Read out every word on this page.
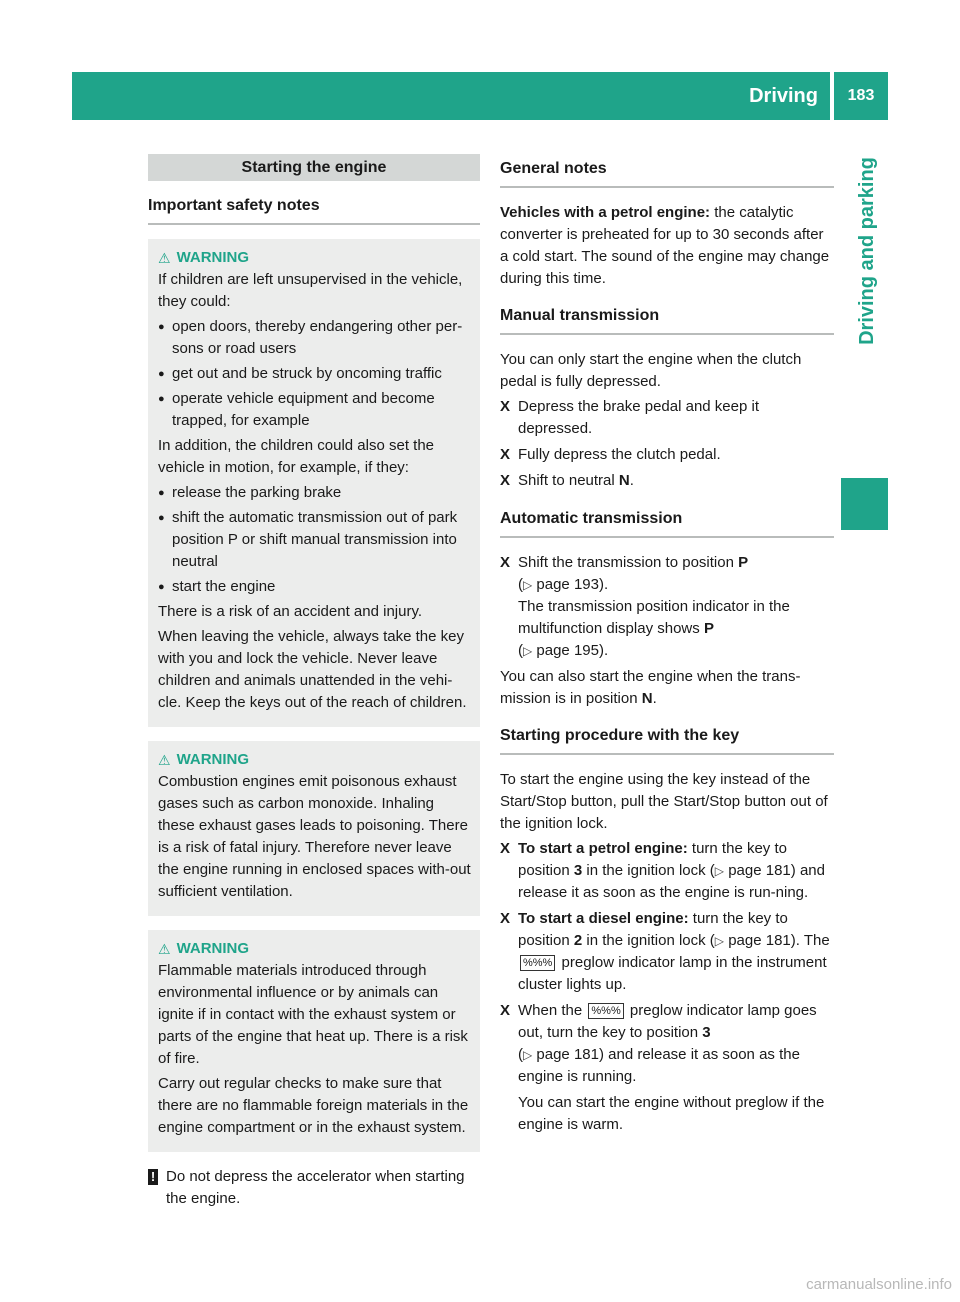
Driving	183
Driving and parking
Starting the engine
Important safety notes
⚠ WARNING

If children are left unsupervised in the vehicle, they could:

● open doors, thereby endangering other per-sons or road users
● get out and be struck by oncoming traffic
● operate vehicle equipment and become trapped, for example

In addition, the children could also set the vehicle in motion, for example, if they:

● release the parking brake
● shift the automatic transmission out of park position P or shift manual transmission into neutral
● start the engine

There is a risk of an accident and injury.

When leaving the vehicle, always take the key with you and lock the vehicle. Never leave children and animals unattended in the vehi-cle. Keep the keys out of the reach of children.

⚠ WARNING

Combustion engines emit poisonous exhaust gases such as carbon monoxide. Inhaling these exhaust gases leads to poisoning. There is a risk of fatal injury. Therefore never leave the engine running in enclosed spaces with-out sufficient ventilation.

⚠ WARNING

Flammable materials introduced through environmental influence or by animals can ignite if in contact with the exhaust system or parts of the engine that heat up. There is a risk of fire.

Carry out regular checks to make sure that there are no flammable foreign materials in the engine compartment or in the exhaust system.

! Do not depress the accelerator when starting the engine.
General notes

Vehicles with a petrol engine: the catalytic converter is preheated for up to 30 seconds after a cold start. The sound of the engine may change during this time.

Manual transmission

You can only start the engine when the clutch pedal is fully depressed.

X Depress the brake pedal and keep it depressed.
X Fully depress the clutch pedal.
X Shift to neutral N.
Automatic transmission
X Shift the transmission to position P
(▷ page 193).
The transmission position indicator in the multifunction display shows P
(▷ page 195).

You can also start the engine when the trans-mission is in position N.

Starting procedure with the key

To start the engine using the key instead of the Start/Stop button, pull the Start/Stop button out of the ignition lock.

X To start a petrol engine: turn the key to position 3 in the ignition lock (▷ page 181) and release it as soon as the engine is run-ning.
X To start a diesel engine: turn the key to position 2 in the ignition lock (▷ page 181). The %%% preglow indicator lamp in the instrument cluster lights up.
X When the %%% preglow indicator lamp goes out, turn the key to position 3
(▷ page 181) and release it as soon as the engine is running.

You can start the engine without preglow if the engine is warm.

carmanualsonline.info
